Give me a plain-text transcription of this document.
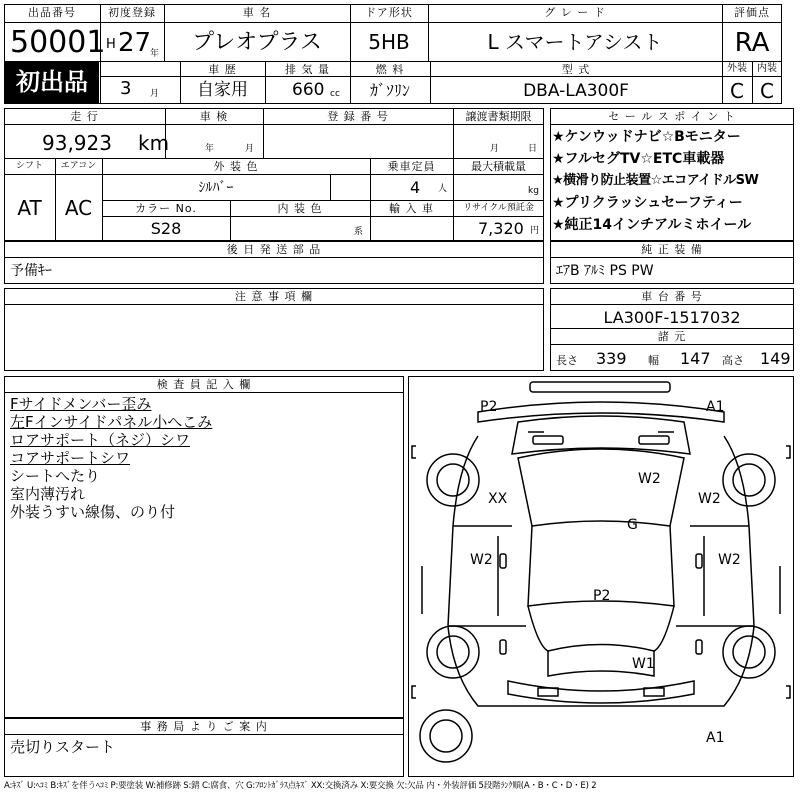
出品番号
50001
初出品
初度登録
H 27
年
3 月
車 名
プレオプラス
ドア形状
5HB
グ レ ー ド
L スマートアシスト
評価点
RA
車 歴
自家用
排 気 量
660 cc
燃 料
ｶﾞｿﾘﾝ
型 式
DBA-LA300F
外装
C
内装
C
走 行
93,923 km
車 検
年	月
登 録 番 号	譲渡書類期限
月	日
シフト
AT
エアコン
AC
外 装 色
ｼﾙﾊﾞｰ
乗車定員
4 人
最大積載量
kg
カラー No.
S28
内 装 色
系
輸 入 車	リサイクル預託金
7,320 円
後 日 発 送 部 品
予備ｷｰ
注 意 事 項 欄
セ ー ル ス ポ イ ン ト
★ケンウッドナビ☆Bモニター
★フルセグTV☆ETC車載器
★横滑り防止装置☆エコアイドルSW
★プリクラッシュセーフティー
★純正14インチアルミホイール
純 正 装 備
ｴｱB ｱﾙﾐ PS PW
車 台 番 号
LA300F-1517032
諸 元
長さ 339 幅 147 高さ 149
検 査 員 記 入 欄
Fサイドメンバー歪み
左Fインサイドパネル小へこみ
ロアサポート（ネジ）シワ
コアサポートシワ
シートへたり
室内薄汚れ
外装うすい線傷、のり付
事 務 局 よ り ご 案 内
売切りスタート
P2	A1
W2
XX	W2
G
W2	W2
P2
W1
A1
A:ｷｽﾞ U:ﾍｺﾐ B:ｷｽﾞを伴うﾍｺﾐ P:要塗装 W:補修跡 S:錆 C:腐食、穴 G:ﾌﾛﾝﾄｶﾞﾗｽ点ｷｽﾞ XX:交換済み X:要交換 欠:欠品 内・外装評価 5段階ﾗﾝｸ順(A・B・C・D・E) 2
